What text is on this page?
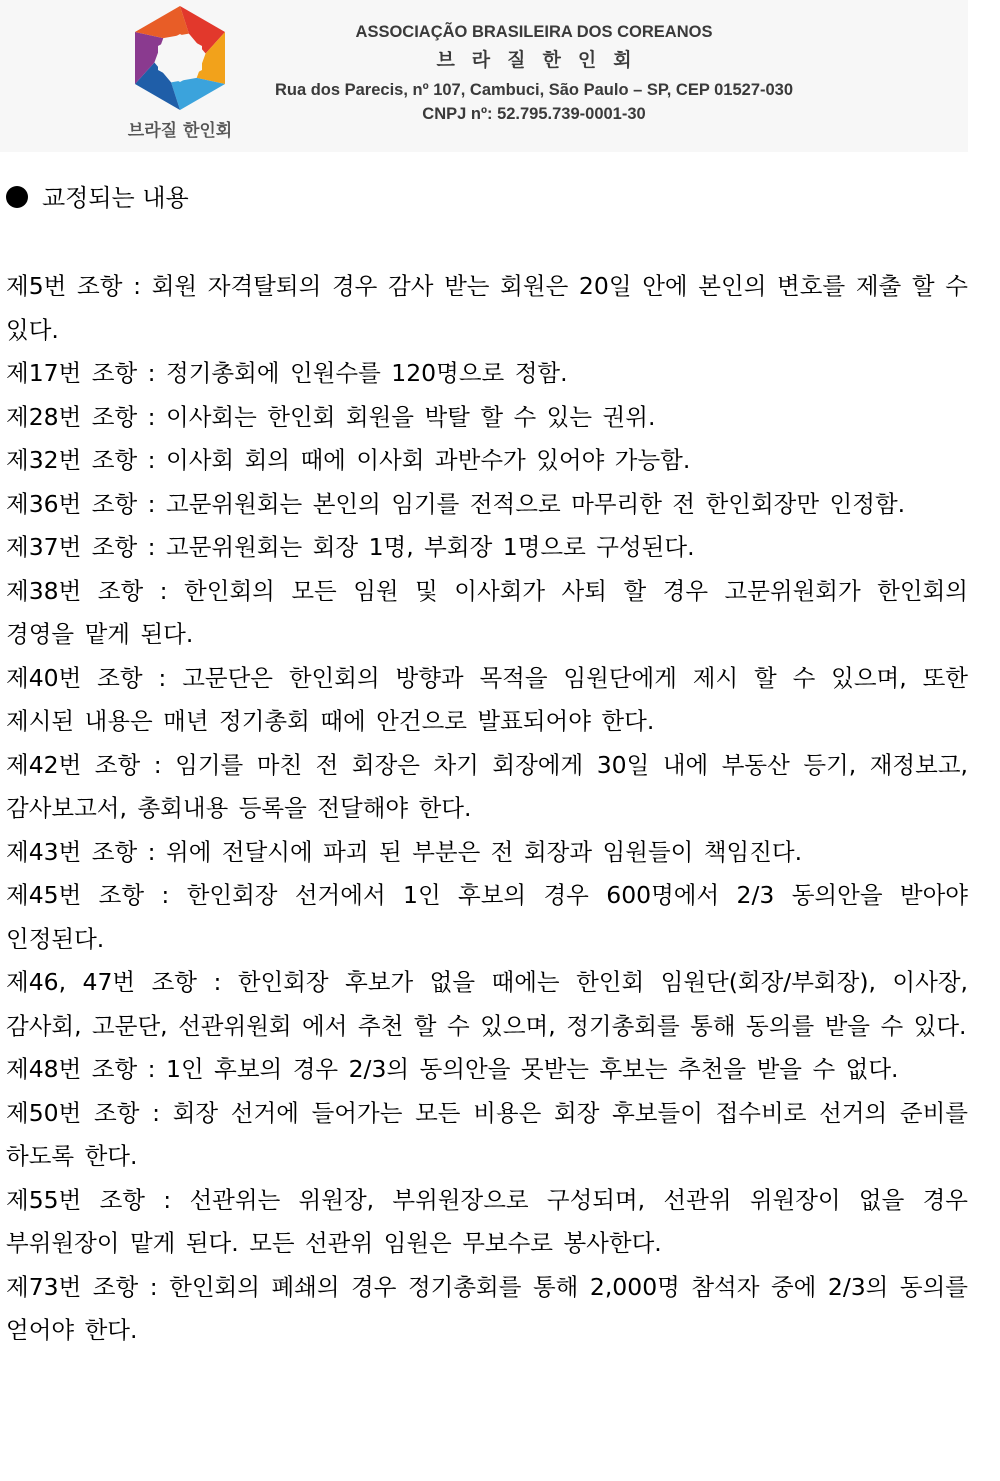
브라질 한인회
ASSOCIAÇÃO BRASILEIRA DOS COREANOS
브라질한인회
Rua dos Parecis, nº 107, Cambuci, São Paulo – SP, CEP 01527-030
CNPJ nº: 52.795.739-0001-30
교정되는 내용

제5번 조항 : 회원 자격탈퇴의 경우 감사 받는 회원은 20일 안에 본인의 변호를 제출 할 수 있다.

제17번 조항 : 정기총회에 인원수를 120명으로 정함.

제28번 조항 : 이사회는 한인회 회원을 박탈 할 수 있는 권위.

제32번 조항 : 이사회 회의 때에 이사회 과반수가 있어야 가능함.

제36번 조항 : 고문위원회는 본인의 임기를 전적으로 마무리한 전 한인회장만 인정함.

제37번 조항 : 고문위원회는 회장 1명, 부회장 1명으로 구성된다.

제38번 조항 : 한인회의 모든 임원 및 이사회가 사퇴 할 경우 고문위원회가 한인회의 경영을 맡게 된다.

제40번 조항 : 고문단은 한인회의 방향과 목적을 임원단에게 제시 할 수 있으며, 또한 제시된 내용은 매년 정기총회 때에 안건으로 발표되어야 한다.

제42번 조항 : 임기를 마친 전 회장은 차기 회장에게 30일 내에 부동산 등기, 재정보고, 감사보고서, 총회내용 등록을 전달해야 한다.

제43번 조항 : 위에 전달시에 파괴 된 부분은 전 회장과 임원들이 책임진다.

제45번 조항 : 한인회장 선거에서 1인 후보의 경우 600명에서 2/3 동의안을 받아야 인정된다.

제46, 47번 조항 : 한인회장 후보가 없을 때에는 한인회 임원단(회장/부회장), 이사장, 감사회, 고문단, 선관위원회 에서 추천 할 수 있으며, 정기총회를 통해 동의를 받을 수 있다.

제48번 조항 : 1인 후보의 경우 2/3의 동의안을 못받는 후보는 추천을 받을 수 없다.

제50번 조항 : 회장 선거에 들어가는 모든 비용은 회장 후보들이 접수비로 선거의 준비를 하도록 한다.

제55번 조항 : 선관위는 위원장, 부위원장으로 구성되며, 선관위 위원장이 없을 경우 부위원장이 맡게 된다. 모든 선관위 임원은 무보수로 봉사한다.

제73번 조항 : 한인회의 폐쇄의 경우 정기총회를 통해 2,000명 참석자 중에 2/3의 동의를 얻어야 한다.
